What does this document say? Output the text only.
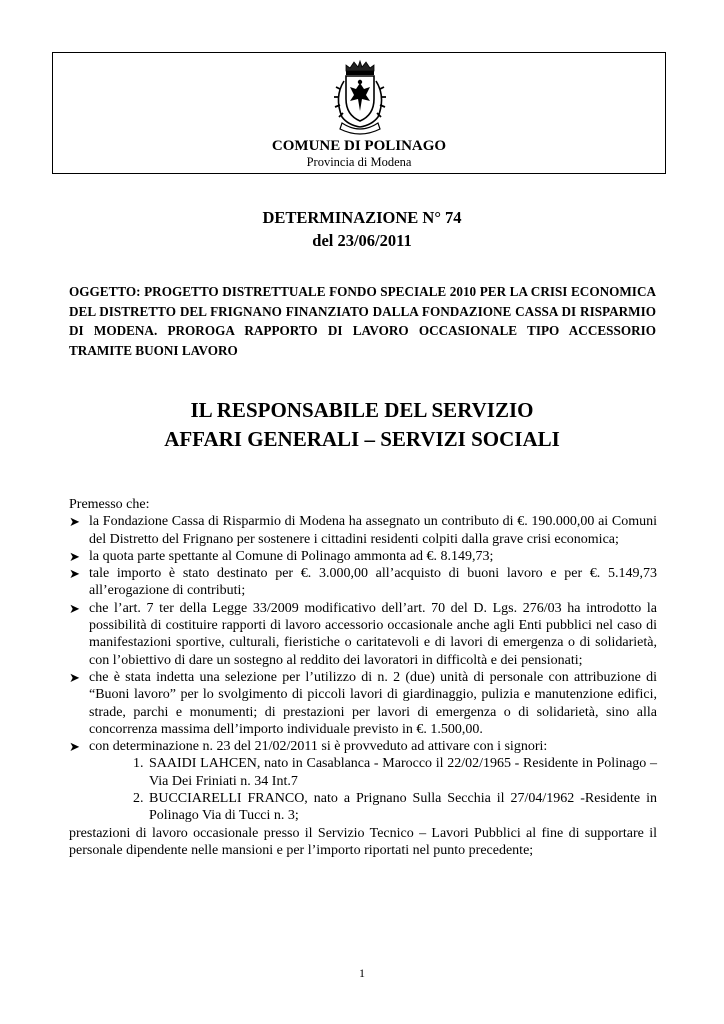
COMUNE DI POLINAGO
Provincia di Modena
DETERMINAZIONE N° 74
del 23/06/2011
OGGETTO: PROGETTO DISTRETTUALE FONDO SPECIALE 2010 PER LA CRISI ECONOMICA DEL DISTRETTO DEL FRIGNANO FINANZIATO DALLA FONDAZIONE CASSA DI RISPARMIO DI MODENA. PROROGA RAPPORTO DI LAVORO OCCASIONALE TIPO ACCESSORIO TRAMITE BUONI LAVORO
IL RESPONSABILE DEL SERVIZIO
AFFARI GENERALI – SERVIZI SOCIALI

Premesso che:

➤ la Fondazione Cassa di Risparmio di Modena ha assegnato un contributo di €. 190.000,00 ai Comuni del Distretto del Frignano per sostenere i cittadini residenti colpiti dalla grave crisi economica;
➤ la quota parte spettante al Comune di Polinago ammonta ad €. 8.149,73;
➤ tale importo è stato destinato per €. 3.000,00 all’acquisto di buoni lavoro e per €. 5.149,73 all’erogazione di contributi;
➤ che l’art. 7 ter della Legge 33/2009 modificativo dell’art. 70 del D. Lgs. 276/03 ha introdotto la possibilità di costituire rapporti di lavoro accessorio occasionale anche agli Enti pubblici nel caso di manifestazioni sportive, culturali, fieristiche o caritatevoli e di lavori di emergenza o di solidarietà, con l’obiettivo di dare un sostegno al reddito dei lavoratori in difficoltà e dei pensionati;
➤ che è stata indetta una selezione per l’utilizzo di n. 2 (due) unità di personale con attribuzione di “Buoni lavoro” per lo svolgimento di piccoli lavori di giardinaggio, pulizia e manutenzione edifici, strade, parchi e monumenti; di prestazioni per lavori di emergenza o di solidarietà, sino alla concorrenza massima dell’importo individuale previsto in €. 1.500,00.
➤ con determinazione n. 23 del 21/02/2011 si è provveduto ad attivare con i signori:
1. SAAIDI LAHCEN, nato in Casablanca - Marocco il 22/02/1965 - Residente in Polinago – Via Dei Friniati n. 34 Int.7
2. BUCCIARELLI FRANCO, nato a Prignano Sulla Secchia il 27/04/1962 -Residente in Polinago Via di Tucci n. 3;

prestazioni di lavoro occasionale presso il Servizio Tecnico – Lavori Pubblici al fine di supportare il personale dipendente nelle mansioni e per l’importo riportati nel punto precedente;

1
